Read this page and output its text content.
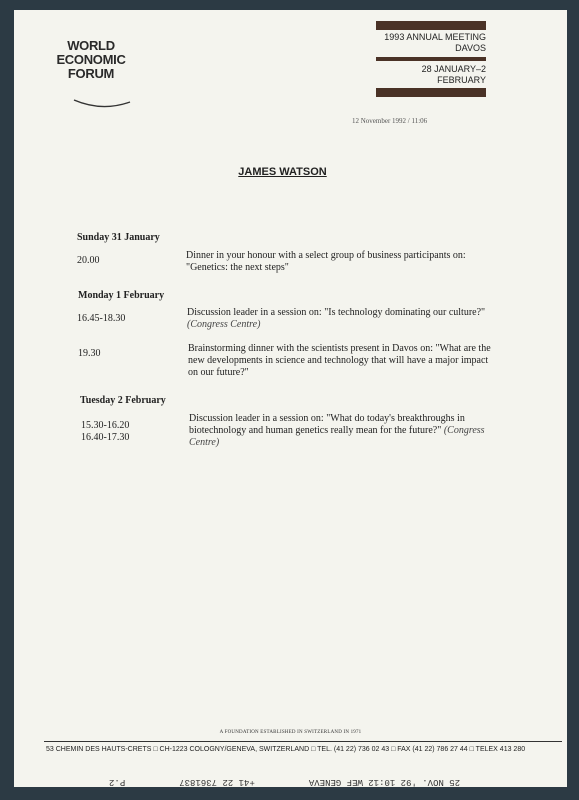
WORLD
ECONOMIC
FORUM
1993 ANNUAL MEETING
DAVOS
28 JANUARY–2 FEBRUARY
12 November 1992 / 11:06
JAMES WATSON
Sunday 31 January
20.00	Dinner in your honour with a select group of business participants on: "Genetics: the next steps"
Monday 1 February
16.45-18.30
Discussion leader in a session on: "Is technology dominating our culture?" (Congress Centre)
19.30	Brainstorming dinner with the scientists present in Davos on: "What are the new developments in science and technology that will have a major impact on our future?"
Tuesday 2 February
15.30-16.20
16.40-17.30
Discussion leader in a session on: "What do today's breakthroughs in biotechnology and human genetics really mean for the future?" (Congress Centre)
A FOUNDATION ESTABLISHED IN SWITZERLAND IN 1971
53 CHEMIN DES HAUTS-CRETS □ CH-1223 COLOGNY/GENEVA, SWITZERLAND □ TEL. (41 22) 736 02 43 □ FAX (41 22) 786 27 44 □ TELEX 413 280
25 NOV. '92 10:12 WEF GENEVA          +41 22 7361837          P.2
